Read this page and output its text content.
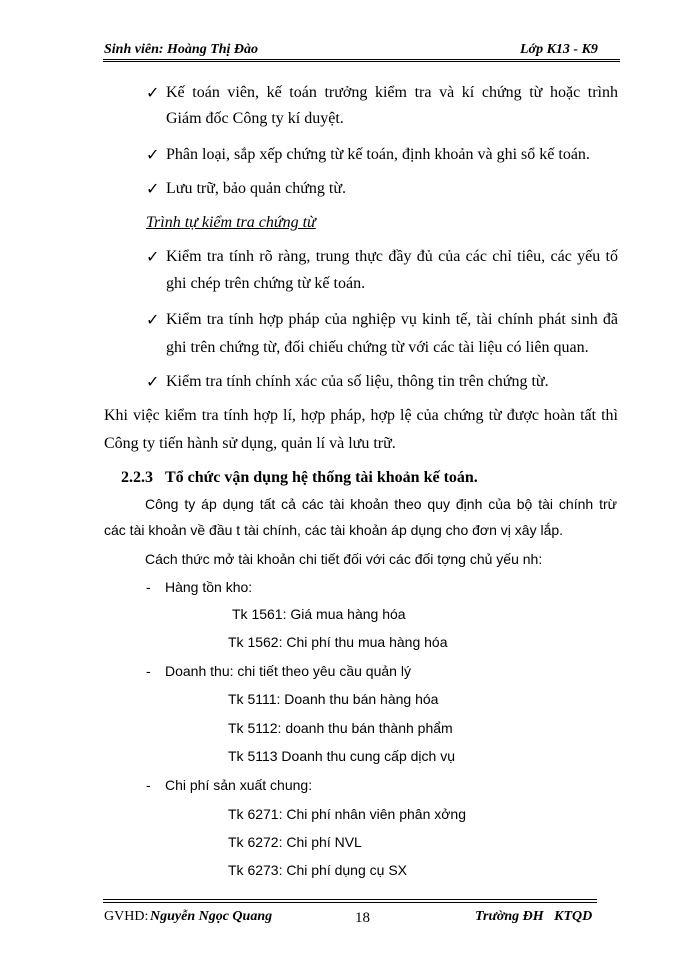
Sinh viên: Hoàng Thị Đào	Lớp K13 - K9
✓ Kế toán viên, kế toán trưởng kiểm tra và kí chứng từ hoặc trình
Giám đốc Công ty kí duyệt.
✓ Phân loại, sắp xếp chứng từ kế toán, định khoản và ghi sổ kế toán.
✓ Lưu trữ, bảo quản chứng từ.
Trình tự kiểm tra chứng từ
✓ Kiểm tra tính rõ ràng, trung thực đầy đủ của các chỉ tiêu, các yếu tố
ghi chép trên chứng từ kế toán.
✓ Kiểm tra tính hợp pháp của nghiệp vụ kinh tế, tài chính phát sinh đã
ghi trên chứng từ, đối chiếu chứng từ với các tài liệu có liên quan.
✓ Kiểm tra tính chính xác của số liệu, thông tin trên chứng từ.
Khi việc kiểm tra tính hợp lí, hợp pháp, hợp lệ của chứng từ được hoàn tất thì
Công ty tiến hành sử dụng, quản lí và lưu trữ.
2.2.3 Tổ chức vận dụng hệ thống tài khoản kế toán.
Công ty áp dụng tất cả các tài khoản theo quy định của bộ tài chính trừ
các tài khoản về đầu t tài chính, các tài khoản áp dụng cho đơn vị xây lắp.
Cách thức mở tài khoản chi tiết đối với các đối tợng chủ yếu nh:
- Hàng tồn kho:
Tk 1561: Giá mua hàng hóa
Tk 1562: Chi phí thu mua hàng hóa
- Doanh thu: chi tiết theo yêu cầu quản lý
Tk 5111: Doanh thu bán hàng hóa
Tk 5112: doanh thu bán thành phẩm
Tk 5113 Doanh thu cung cấp dịch vụ
- Chi phí sản xuất chung:
Tk 6271: Chi phí nhân viên phân xởng
Tk 6272: Chi phí NVL
Tk 6273: Chi phí dụng cụ SX
GVHD: Nguyễn Ngọc Quang	18	Trường ĐH   KTQD
